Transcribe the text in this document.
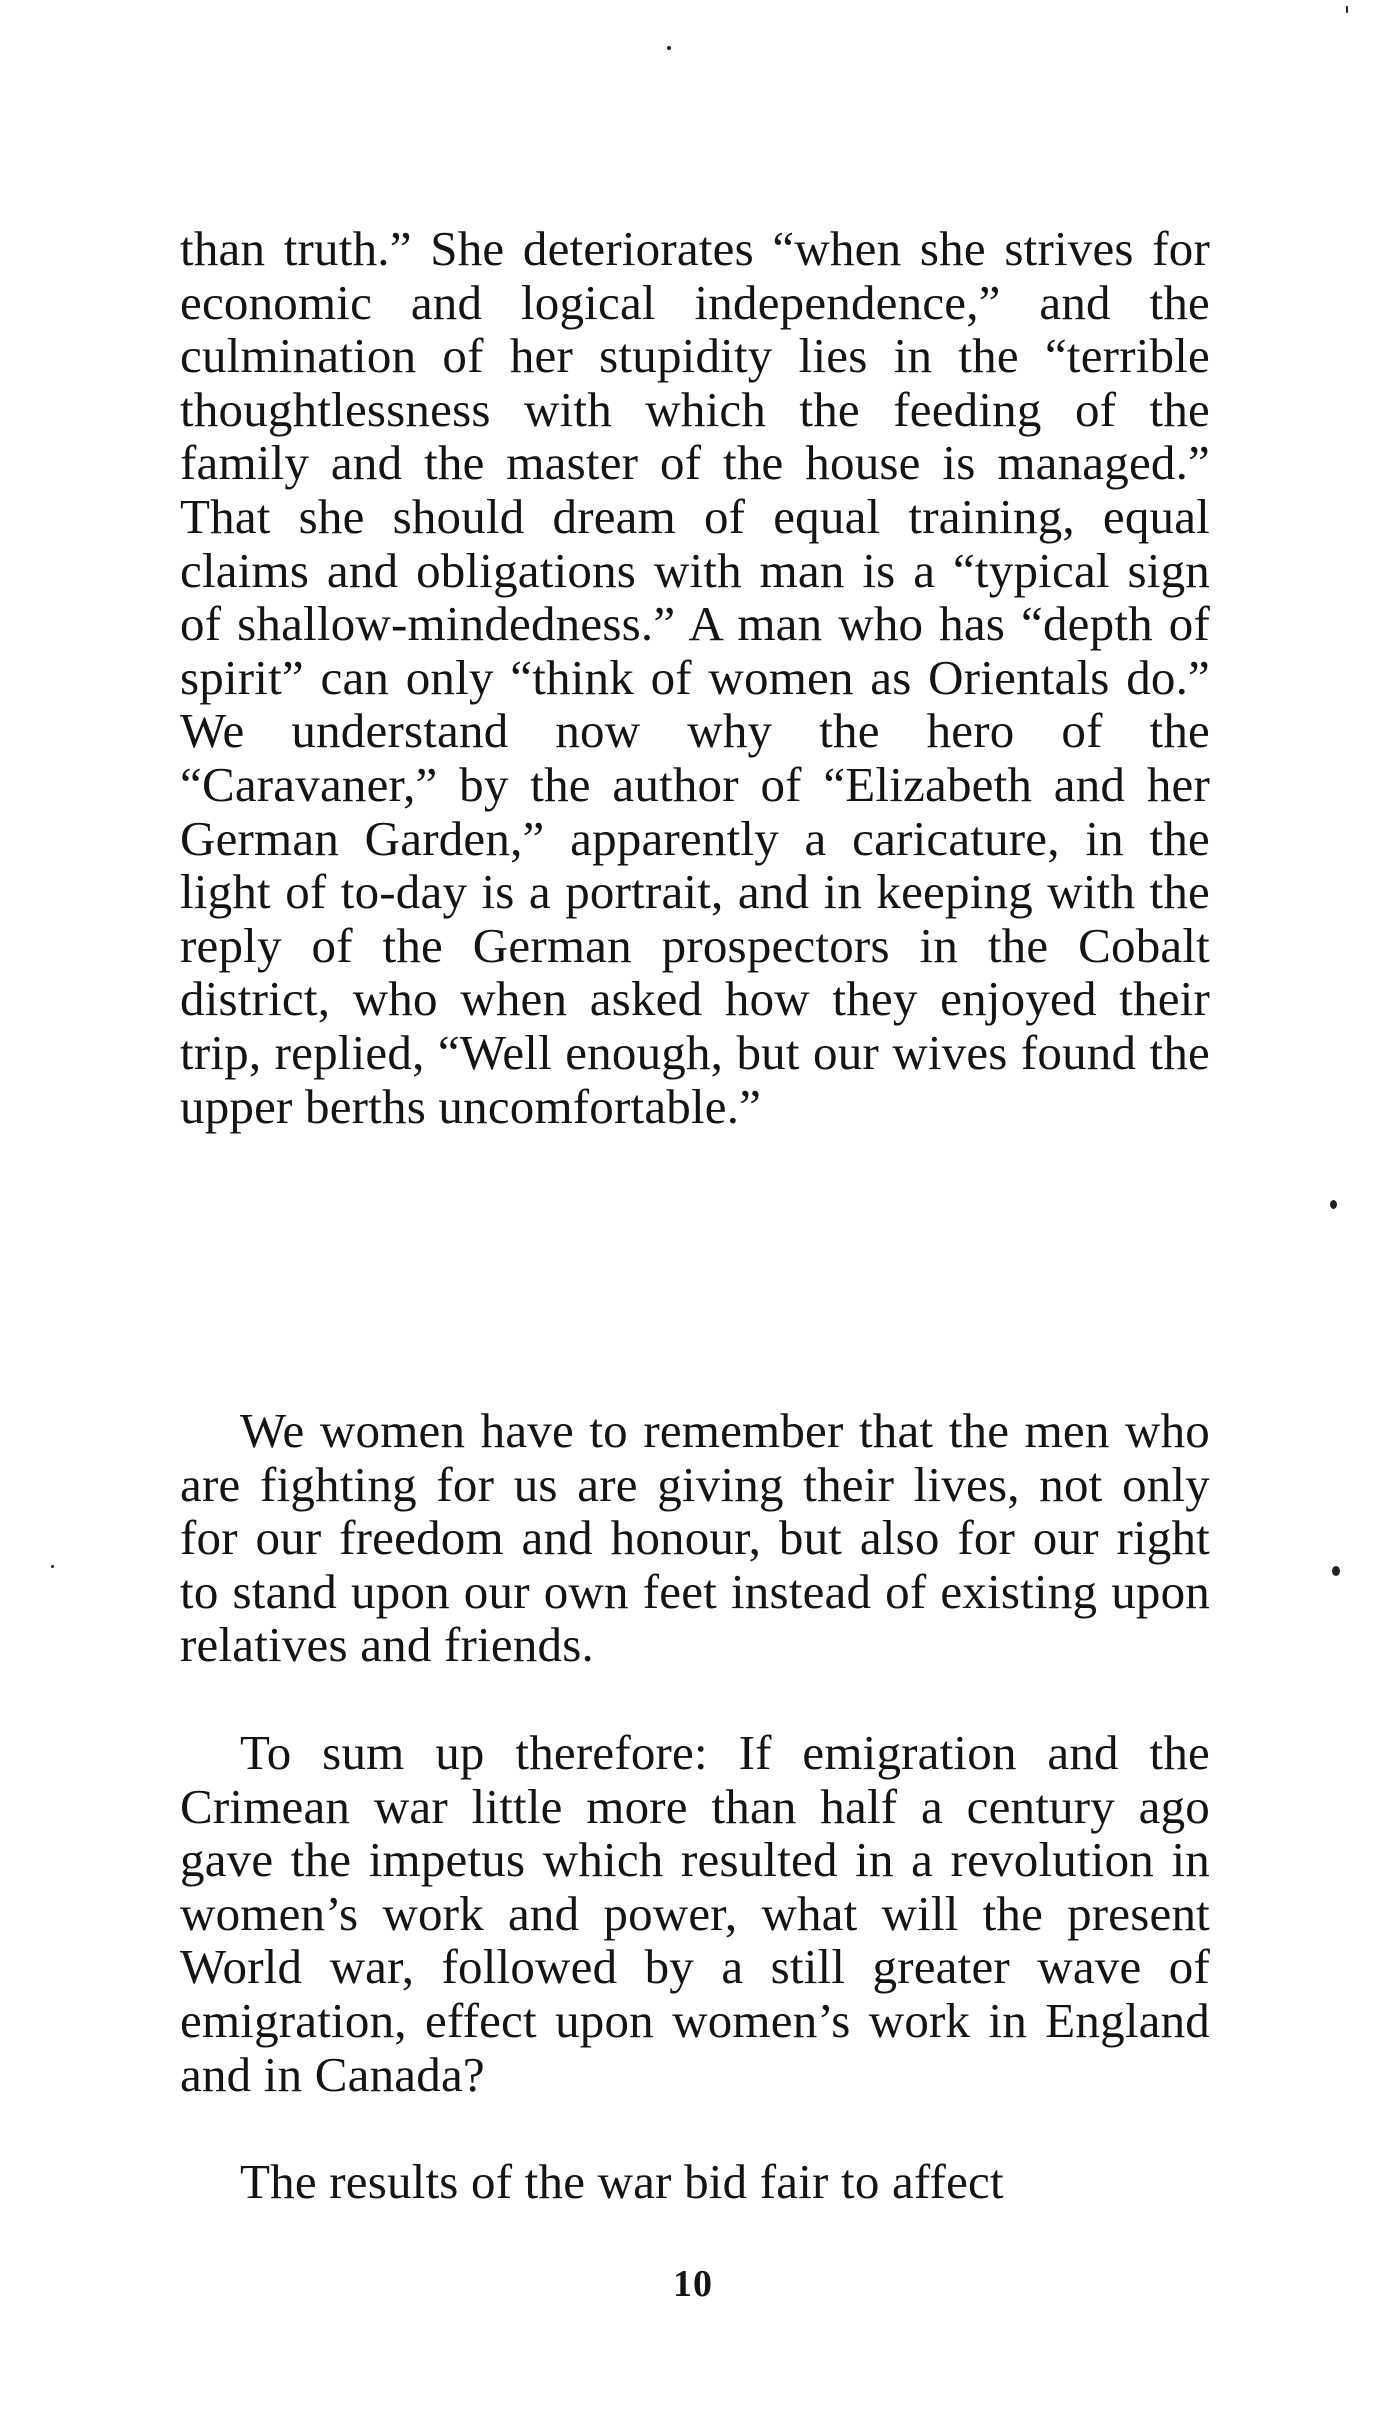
than truth.” She deteriorates “when she strives for economic and logical independence,” and the culmination of her stupidity lies in the “terrible thoughtlessness with which the feeding of the family and the master of the house is managed.” That she should dream of equal training, equal claims and obligations with man is a “typical sign of shallow-mindedness.” A man who has “depth of spirit” can only “think of women as Orientals do.” We understand now why the hero of the “Caravaner,” by the author of “Elizabeth and her German Garden,” apparently a caricature, in the light of to-day is a portrait, and in keeping with the reply of the German prospectors in the Cobalt district, who when asked how they enjoyed their trip, replied, “Well enough, but our wives found the upper berths uncomfortable.”

We women have to remember that the men who are fighting for us are giving their lives, not only for our freedom and honour, but also for our right to stand upon our own feet instead of existing upon relatives and friends.

To sum up therefore: If emigration and the Crimean war little more than half a century ago gave the impetus which resulted in a revolution in women’s work and power, what will the present World war, followed by a still greater wave of emigration, effect upon women’s work in England and in Canada?

The results of the war bid fair to affect

10
